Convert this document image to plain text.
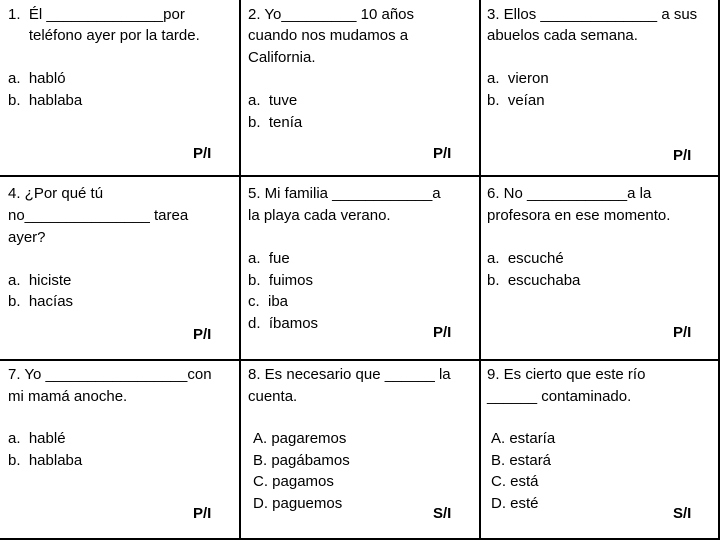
1.  Él ______________por
teléfono ayer por la tarde.
a.  habló
b.  hablaba
P/I
2. Yo_________ 10 años
cuando nos mudamos a
California.
a.  tuve
b.  tenía
P/I
3. Ellos ______________ a sus
abuelos cada semana.
a.  vieron
b.  veían
P/I
4. ¿Por qué tú
no_______________ tarea
ayer?
a.  hiciste
b.  hacías
P/I
5. Mi familia ____________a
la playa cada verano.
a.  fue
b.  fuimos
c.  iba
d.  íbamos
P/I
6. No ____________a la
profesora en ese momento.
a.  escuché
b.  escuchaba
P/I
7. Yo _________________con
mi mamá anoche.
a.  hablé
b.  hablaba
P/I
8. Es necesario que ______ la
cuenta.
A. pagaremos
B. pagábamos
C. pagamos
D. paguemos
S/I
9. Es cierto que este río
______ contaminado.
A. estaría
B. estará
C. está
D. esté
S/I
